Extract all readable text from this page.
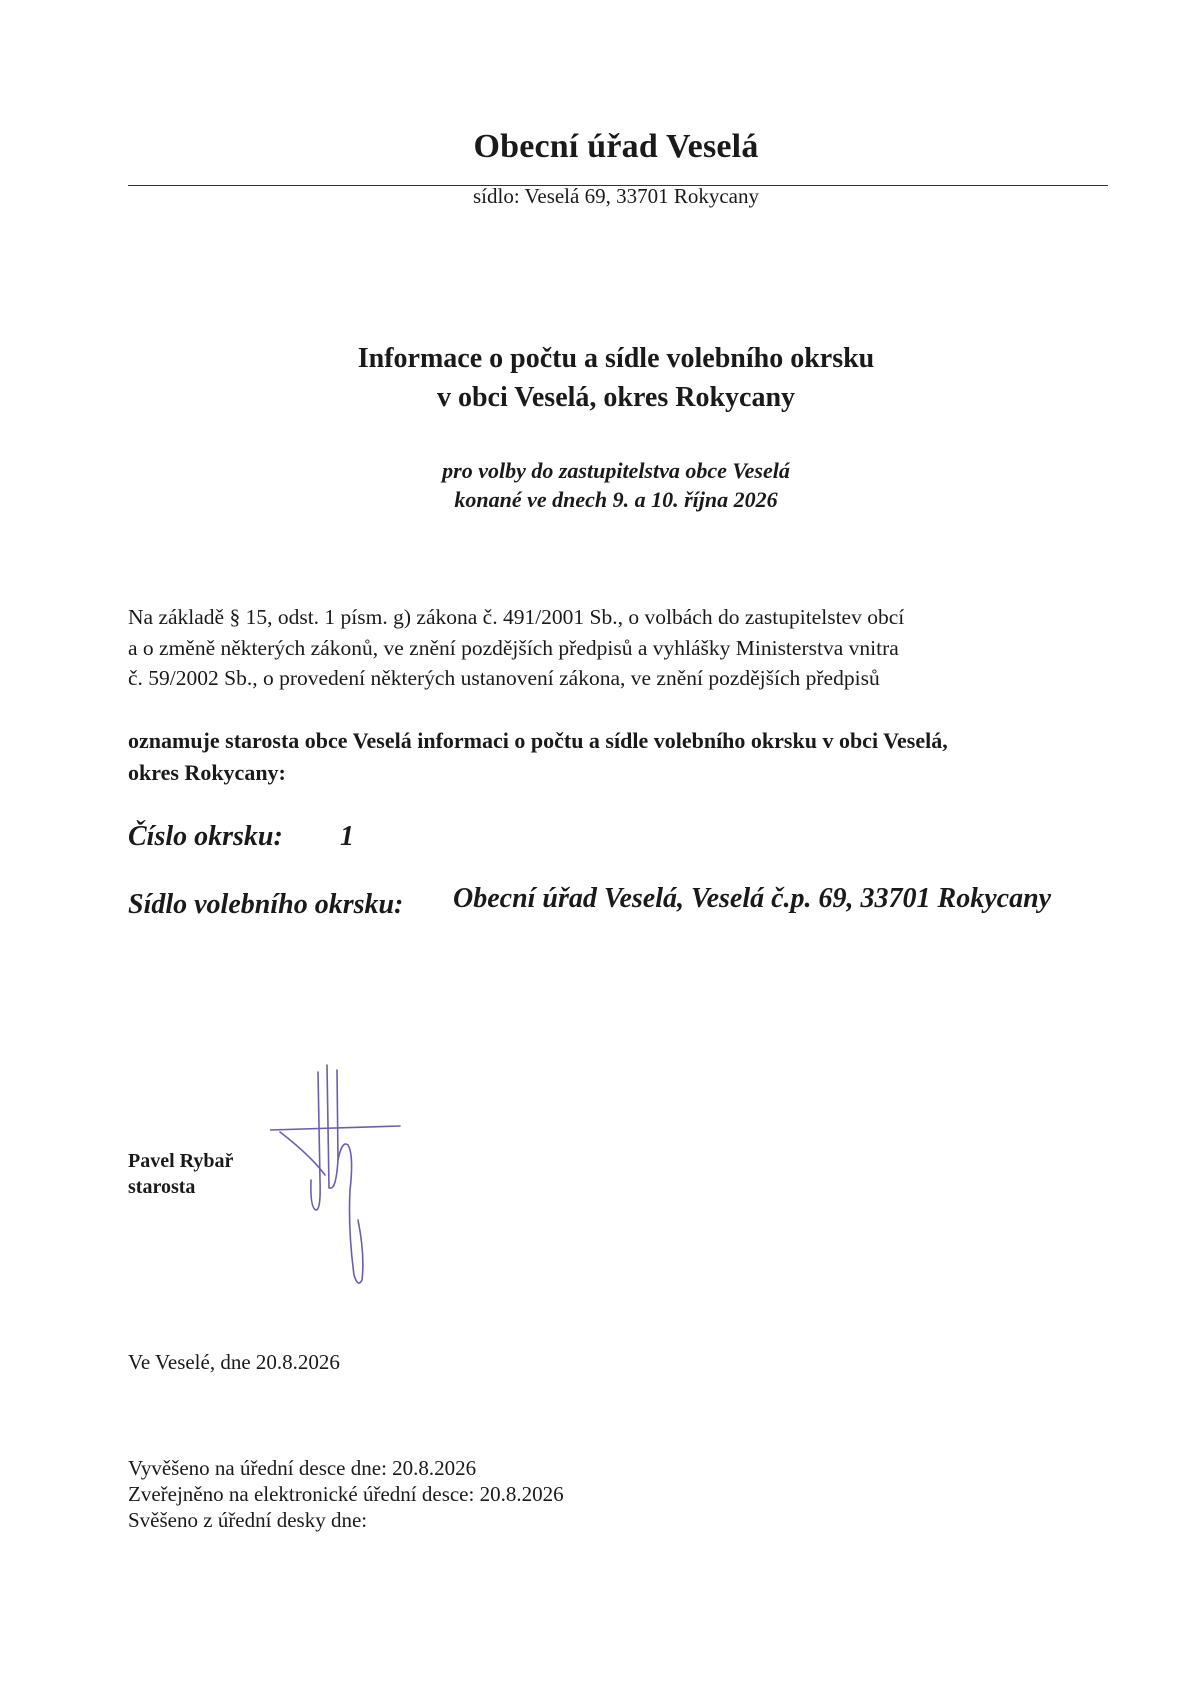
Obecní úřad Veselá
sídlo: Veselá 69, 33701 Rokycany
Informace o počtu a sídle volebního okrsku
v obci Veselá, okres Rokycany
pro volby do zastupitelstva obce Veselá
konané ve dnech 9. a 10. října 2026
Na základě § 15, odst. 1 písm. g) zákona č. 491/2001 Sb., o volbách do zastupitelstev obcí
a o změně některých zákonů, ve znění pozdějších předpisů a vyhlášky Ministerstva vnitra
č. 59/2002 Sb., o provedení některých ustanovení zákona, ve znění pozdějších předpisů
oznamuje starosta obce Veselá informaci o počtu a sídle volebního okrsku v obci Veselá,
okres Rokycany:
Číslo okrsku: 1
Sídlo volebního okrsku: Obecní úřad Veselá, Veselá č.p. 69, 33701 Rokycany
Pavel Rybař
starosta
Ve Veselé, dne 20.8.2026
Vyvěšeno na úřední desce dne: 20.8.2026
Zveřejněno na elektronické úřední desce: 20.8.2026
Svěšeno z úřední desky dne:
